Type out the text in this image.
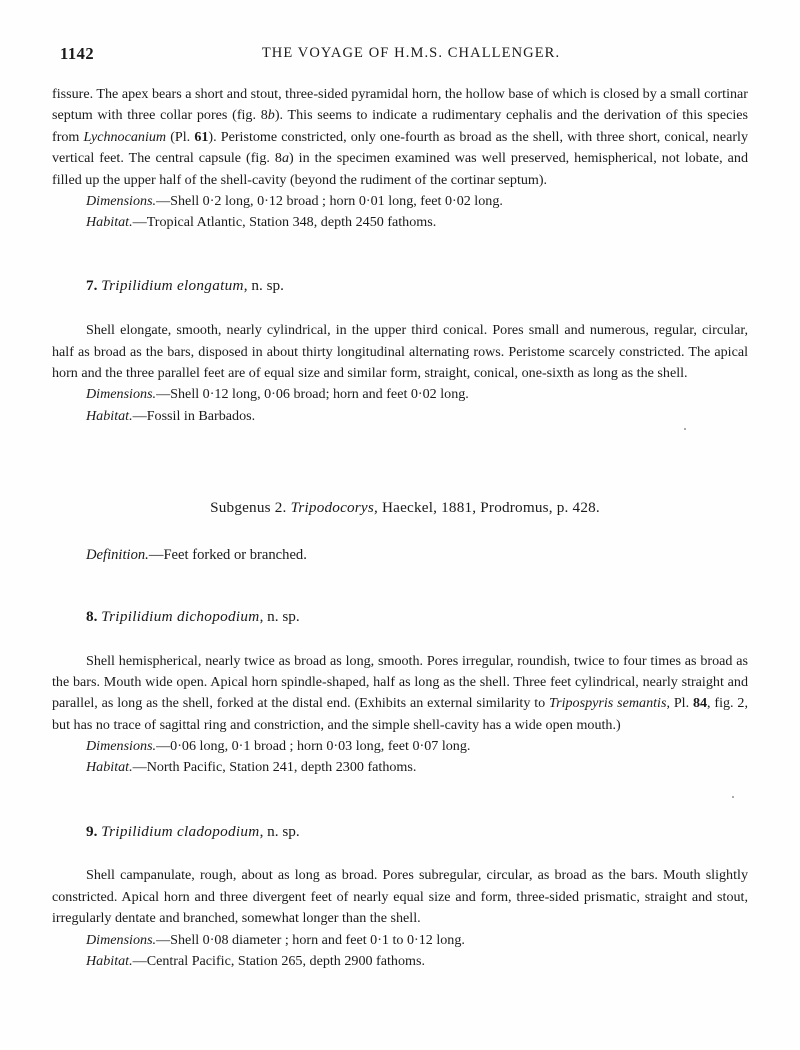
1142	THE VOYAGE OF H.M.S. CHALLENGER.

fissure. The apex bears a short and stout, three-sided pyramidal horn, the hollow base of which is closed by a small cortinar septum with three collar pores (fig. 8b). This seems to indicate a rudimentary cephalis and the derivation of this species from Lychnocanium (Pl. 61). Peristome constricted, only one-fourth as broad as the shell, with three short, conical, nearly vertical feet. The central capsule (fig. 8a) in the specimen examined was well preserved, hemispherical, not lobate, and filled up the upper half of the shell-cavity (beyond the rudiment of the cortinar septum).

Dimensions.—Shell 0·2 long, 0·12 broad ; horn 0·01 long, feet 0·02 long.

Habitat.—Tropical Atlantic, Station 348, depth 2450 fathoms.

7. Tripilidium elongatum, n. sp.

Shell elongate, smooth, nearly cylindrical, in the upper third conical. Pores small and numerous, regular, circular, half as broad as the bars, disposed in about thirty longitudinal alternating rows. Peristome scarcely constricted. The apical horn and the three parallel feet are of equal size and similar form, straight, conical, one-sixth as long as the shell.

Dimensions.—Shell 0·12 long, 0·06 broad; horn and feet 0·02 long.

Habitat.—Fossil in Barbados.

Subgenus 2. Tripodocorys, Haeckel, 1881, Prodromus, p. 428.

Definition.—Feet forked or branched.

8. Tripilidium dichopodium, n. sp.

Shell hemispherical, nearly twice as broad as long, smooth. Pores irregular, roundish, twice to four times as broad as the bars. Mouth wide open. Apical horn spindle-shaped, half as long as the shell. Three feet cylindrical, nearly straight and parallel, as long as the shell, forked at the distal end. (Exhibits an external similarity to Tripospyris semantis, Pl. 84, fig. 2, but has no trace of sagittal ring and constriction, and the simple shell-cavity has a wide open mouth.)

Dimensions.—0·06 long, 0·1 broad ; horn 0·03 long, feet 0·07 long.

Habitat.—North Pacific, Station 241, depth 2300 fathoms.

9. Tripilidium cladopodium, n. sp.

Shell campanulate, rough, about as long as broad. Pores subregular, circular, as broad as the bars. Mouth slightly constricted. Apical horn and three divergent feet of nearly equal size and form, three-sided prismatic, straight and stout, irregularly dentate and branched, somewhat longer than the shell.

Dimensions.—Shell 0·08 diameter ; horn and feet 0·1 to 0·12 long.

Habitat.—Central Pacific, Station 265, depth 2900 fathoms.
